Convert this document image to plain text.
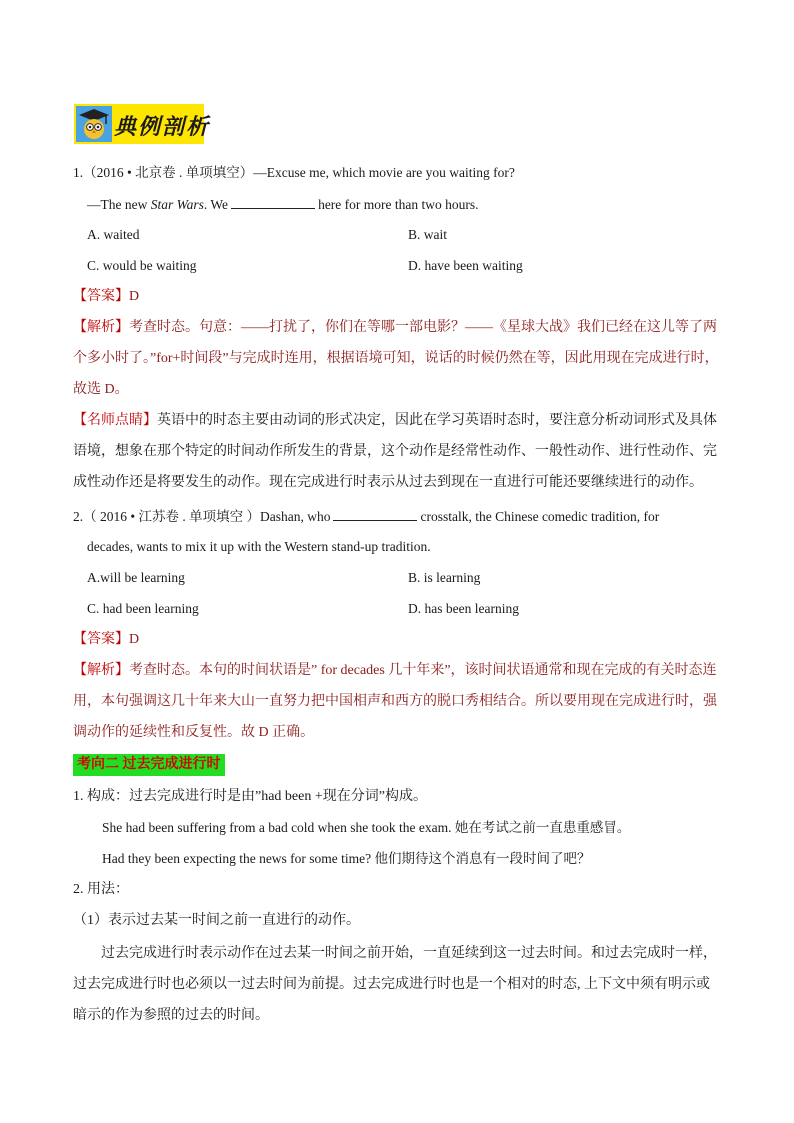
典例剖析
1.（2016 • 北京卷 . 单项填空）—Excuse me, which movie are you waiting for?
—The new Star Wars. We	here for more than two hours.
A. waited	B. wait
C. would be waiting	D. have been waiting
【答案】D
【解析】考查时态。句意：——打扰了，你们在等哪一部电影？——《星球大战》我们已经在这儿等了两
个多小时了。”for+时间段”与完成时连用，根据语境可知，说话的时候仍然在等，因此用现在完成进行时，
故选 D。
【名师点睛】英语中的时态主要由动词的形式决定，因此在学习英语时态时，要注意分析动词形式及具体
语境，想象在那个特定的时间动作所发生的背景，这个动作是经常性动作、一般性动作、进行性动作、完
成性动作还是将要发生的动作。现在完成进行时表示从过去到现在一直进行可能还要继续进行的动作。
2.（ 2016 • 江苏卷 . 单项填空 ）Dashan, who	crosstalk, the Chinese comedic tradition, for
decades, wants to mix it up with the Western stand-up tradition.
A.will be learning	B. is learning
C. had been learning	D. has been learning
【答案】D
【解析】考查时态。本句的时间状语是” for decades 几十年来”，该时间状语通常和现在完成的有关时态连
用，本句强调这几十年来大山一直努力把中国相声和西方的脱口秀相结合。所以要用现在完成进行时，强
调动作的延续性和反复性。故 D 正确。
考向二 过去完成进行时
1. 构成：过去完成进行时是由”had been +现在分词”构成。
She had been suffering from a bad cold when she took the exam. 她在考试之前一直患重感冒。
Had they been expecting the news for some time? 他们期待这个消息有一段时间了吧？
2. 用法：
（1）表示过去某一时间之前一直进行的动作。
过去完成进行时表示动作在过去某一时间之前开始，一直延续到这一过去时间。和过去完成时一样，
过去完成进行时也必须以一过去时间为前提。过去完成进行时也是一个相对的时态, 上下文中须有明示或
暗示的作为参照的过去的时间。
